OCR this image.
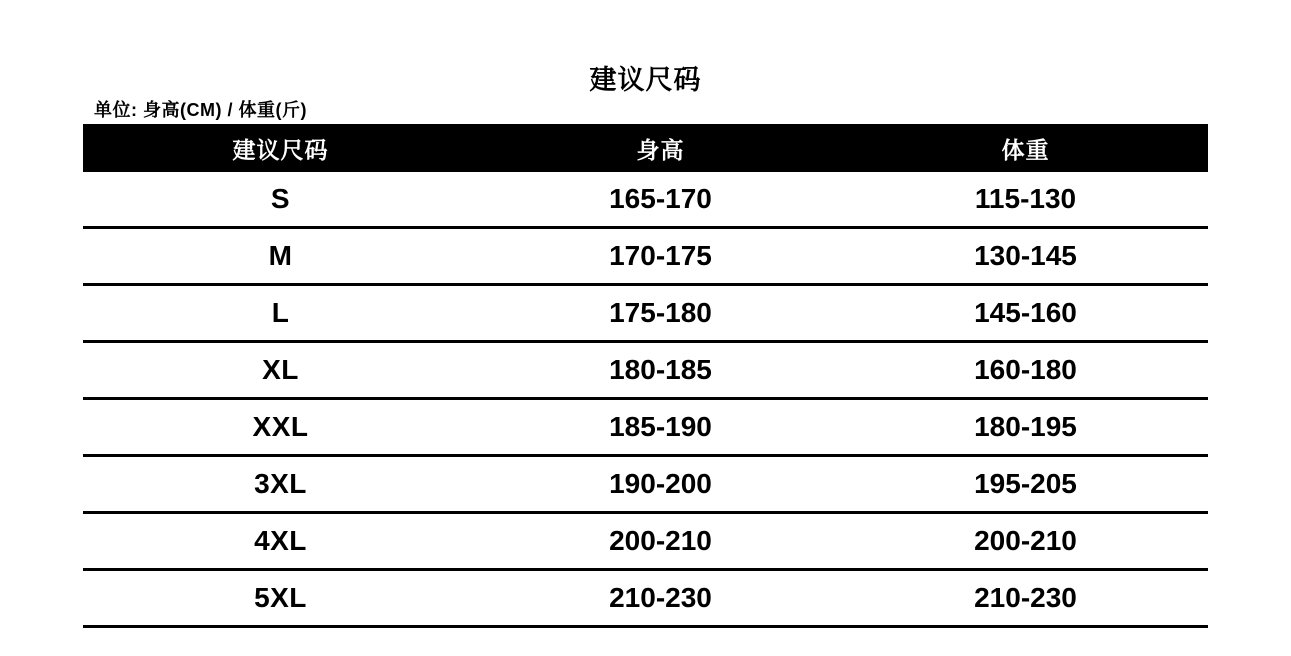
建议尺码
单位: 身高(CM) / 体重(斤)
建议尺码	身高	体重
S	165-170	115-130
M	170-175	130-145
L	175-180	145-160
XL	180-185	160-180
XXL	185-190	180-195
3XL	190-200	195-205
4XL	200-210	200-210
5XL	210-230	210-230
